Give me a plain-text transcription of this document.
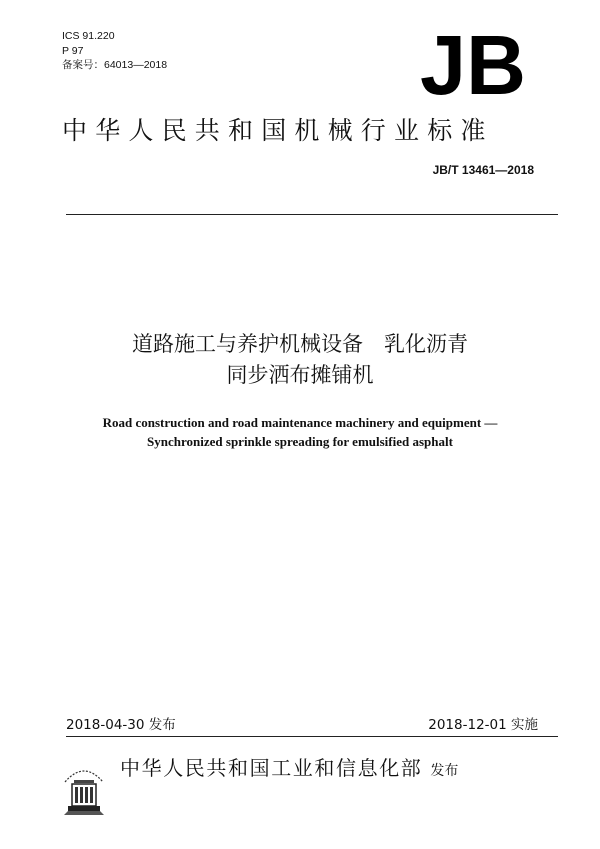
ICS 91.220
P 97
备案号：64013—2018	JB
中华人民共和国机械行业标准
JB/T 13461—2018
道路施工与养护机械设备　乳化沥青
同步洒布摊铺机
Road construction and road maintenance machinery and equipment —
Synchronized sprinkle spreading for emulsified asphalt
2018-04-30 发布	2018-12-01 实施
中华人民共和国工业和信息化部 发布
